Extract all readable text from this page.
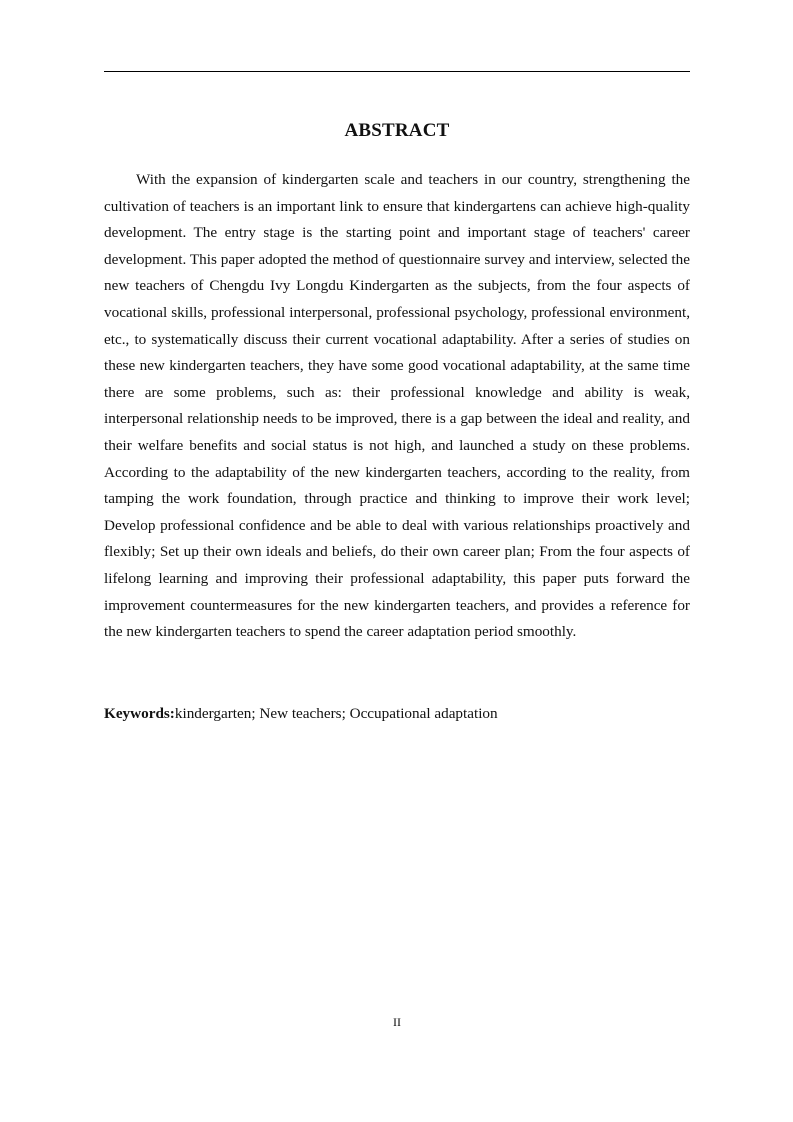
ABSTRACT

With the expansion of kindergarten scale and teachers in our country, strengthening the cultivation of teachers is an important link to ensure that kindergartens can achieve high-quality development. The entry stage is the starting point and important stage of teachers' career development. This paper adopted the method of questionnaire survey and interview, selected the new teachers of Chengdu Ivy Longdu Kindergarten as the subjects, from the four aspects of vocational skills, professional interpersonal, professional psychology, professional environment, etc., to systematically discuss their current vocational adaptability. After a series of studies on these new kindergarten teachers, they have some good vocational adaptability, at the same time there are some problems, such as: their professional knowledge and ability is weak, interpersonal relationship needs to be improved, there is a gap between the ideal and reality, and their welfare benefits and social status is not high, and launched a study on these problems. According to the adaptability of the new kindergarten teachers, according to the reality, from tamping the work foundation, through practice and thinking to improve their work level; Develop professional confidence and be able to deal with various relationships proactively and flexibly; Set up their own ideals and beliefs, do their own career plan; From the four aspects of lifelong learning and improving their professional adaptability, this paper puts forward the improvement countermeasures for the new kindergarten teachers, and provides a reference for the new kindergarten teachers to spend the career adaptation period smoothly.

Keywords:kindergarten; New teachers; Occupational adaptation

II
